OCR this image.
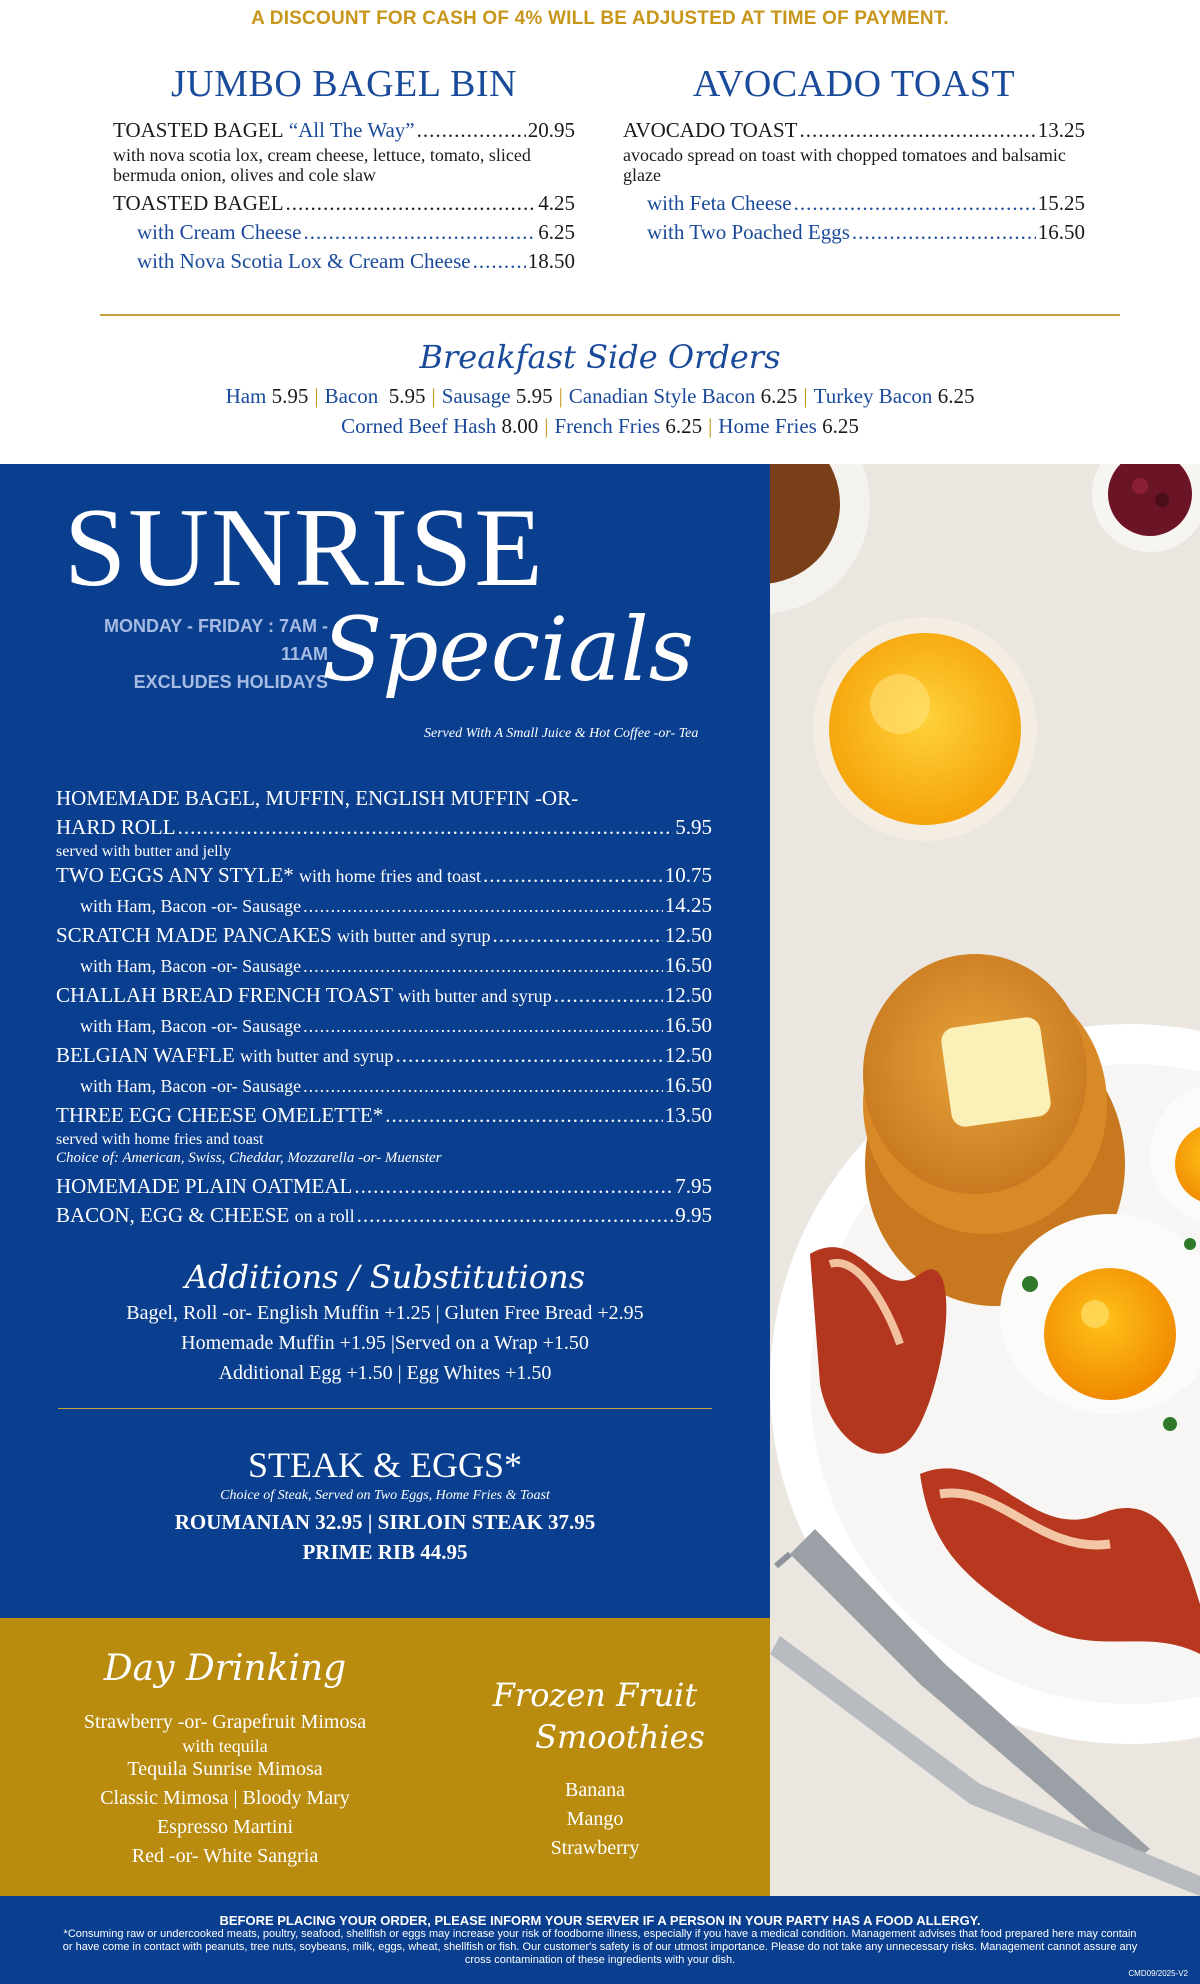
A DISCOUNT FOR CASH OF 4% WILL BE ADJUSTED AT TIME OF PAYMENT.
JUMBO BAGEL BIN
TOASTED BAGEL
“All The Way” .....	20.95
with nova scotia lox, cream cheese, lettuce, tomato, sliced bermuda onion, olives and cole slaw
TOASTED BAGEL .....	4.25
with Cream Cheese .....	6.25
with Nova Scotia Lox & Cream Cheese .....	18.50
AVOCADO TOAST
AVOCADO TOAST .....	13.25
avocado spread on toast with chopped tomatoes and balsamic glaze
with Feta Cheese .....	15.25
with Two Poached Eggs .....	16.50
Breakfast Side Orders
Ham 5.95 | Bacon 5.95 | Sausage 5.95 | Canadian Style Bacon 6.25 | Turkey Bacon 6.25
Corned Beef Hash 8.00 | French Fries 6.25 | Home Fries 6.25
SUNRISE
MONDAY - FRIDAY : 7AM - 11AM
EXCLUDES HOLIDAYS
Specials
Served With A Small Juice & Hot Coffee -or- Tea
HOMEMADE BAGEL, MUFFIN, ENGLISH MUFFIN -OR-
HARD ROLL .....	5.95
served with butter and jelly
TWO EGGS ANY STYLE*
with home fries and toast .....	10.75
with Ham, Bacon -or- Sausage .....	14.25
SCRATCH MADE PANCAKES
with butter and syrup .....	12.50
with Ham, Bacon -or- Sausage .....	16.50
CHALLAH BREAD FRENCH TOAST
with butter and syrup .....	12.50
with Ham, Bacon -or- Sausage .....	16.50
BELGIAN WAFFLE
with butter and syrup .....	12.50
with Ham, Bacon -or- Sausage .....	16.50
THREE EGG CHEESE OMELETTE* .....	13.50
served with home fries and toast
Choice of: American, Swiss, Cheddar, Mozzarella -or- Muenster
HOMEMADE PLAIN OATMEAL .....	7.95
BACON, EGG & CHEESE
on a roll .....	9.95
Additions / Substitutions
Bagel, Roll -or- English Muffin +1.25 | Gluten Free Bread +2.95
Homemade Muffin +1.95 |Served on a Wrap +1.50
Additional Egg +1.50 | Egg Whites +1.50
STEAK & EGGS*
Choice of Steak, Served on Two Eggs, Home Fries & Toast
ROUMANIAN 32.95 | SIRLOIN STEAK 37.95
PRIME RIB 44.95
Day Drinking
Strawberry -or- Grapefruit Mimosa
with tequila
Tequila Sunrise Mimosa
Classic Mimosa | Bloody Mary
Espresso Martini
Red -or- White Sangria
Frozen Fruit
Smoothies
Banana
Mango
Strawberry
BEFORE PLACING YOUR ORDER, PLEASE INFORM YOUR SERVER IF A PERSON IN YOUR PARTY HAS A FOOD ALLERGY.
*Consuming raw or undercooked meats, poultry, seafood, shellfish or eggs may increase your risk of foodborne illness, especially if you have a medical condition. Management advises that food prepared here may contain or have come in contact with peanuts, tree nuts, soybeans, milk, eggs, wheat, shellfish or fish. Our customer's safety is of our utmost importance. Please do not take any unnecessary risks. Management cannot assure any cross contamination of these ingredients with your dish.
CMD09/2025-V2
